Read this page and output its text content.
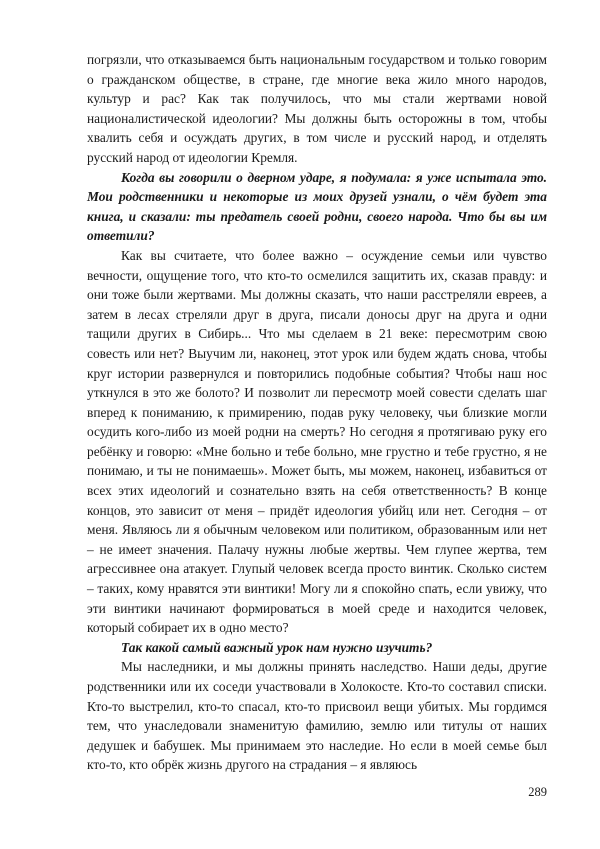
погрязли, что отказываемся быть национальным государством и только говорим о гражданском обществе, в стране, где многие века жило много народов, культур и рас? Как так получилось, что мы стали жертвами новой националистической идеологии? Мы должны быть осторожны в том, чтобы хвалить себя и осуждать других, в том числе и русский народ, и отделять русский народ от идеологии Кремля.

Когда вы говорили о дверном ударе, я подумала: я уже испытала это. Мои родственники и некоторые из моих друзей узнали, о чём будет эта книга, и сказали: ты предатель своей родни, своего народа. Что бы вы им ответили?

Как вы считаете, что более важно – осуждение семьи или чувство вечности, ощущение того, что кто-то осмелился защитить их, сказав правду: и они тоже были жертвами. Мы должны сказать, что наши расстреляли евреев, а затем в лесах стреляли друг в друга, писали доносы друг на друга и одни тащили других в Сибирь... Что мы сделаем в 21 веке: пересмотрим свою совесть или нет? Выучим ли, наконец, этот урок или будем ждать снова, чтобы круг истории развернулся и повторились подобные события? Чтобы наш нос уткнулся в это же болото? И позволит ли пересмотр моей совести сделать шаг вперед к пониманию, к примирению, подав руку человеку, чьи близкие могли осудить кого-либо из моей родни на смерть? Но сегодня я протягиваю руку его ребёнку и говорю: «Мне больно и тебе больно, мне грустно и тебе грустно, я не понимаю, и ты не понимаешь». Может быть, мы можем, наконец, избавиться от всех этих идеологий и сознательно взять на себя ответственность? В конце концов, это зависит от меня – придёт идеология убийц или нет. Сегодня – от меня. Являюсь ли я обычным человеком или политиком, образованным или нет – не имеет значения. Палачу нужны любые жертвы. Чем глупее жертва, тем агрессивнее она атакует. Глупый человек всегда просто винтик. Сколько систем – таких, кому нравятся эти винтики! Могу ли я спокойно спать, если увижу, что эти винтики начинают формироваться в моей среде и находится человек, который собирает их в одно место?

Так какой самый важный урок нам нужно изучить?

Мы наследники, и мы должны принять наследство. Наши деды, другие родственники или их соседи участвовали в Холокосте. Кто-то составил списки. Кто-то выстрелил, кто-то спасал, кто-то присвоил вещи убитых. Мы гордимся тем, что унаследовали знаменитую фамилию, землю или титулы от наших дедушек и бабушек. Мы принимаем это наследие. Но если в моей семье был кто-то, кто обрёк жизнь другого на страдания – я являюсь

289
